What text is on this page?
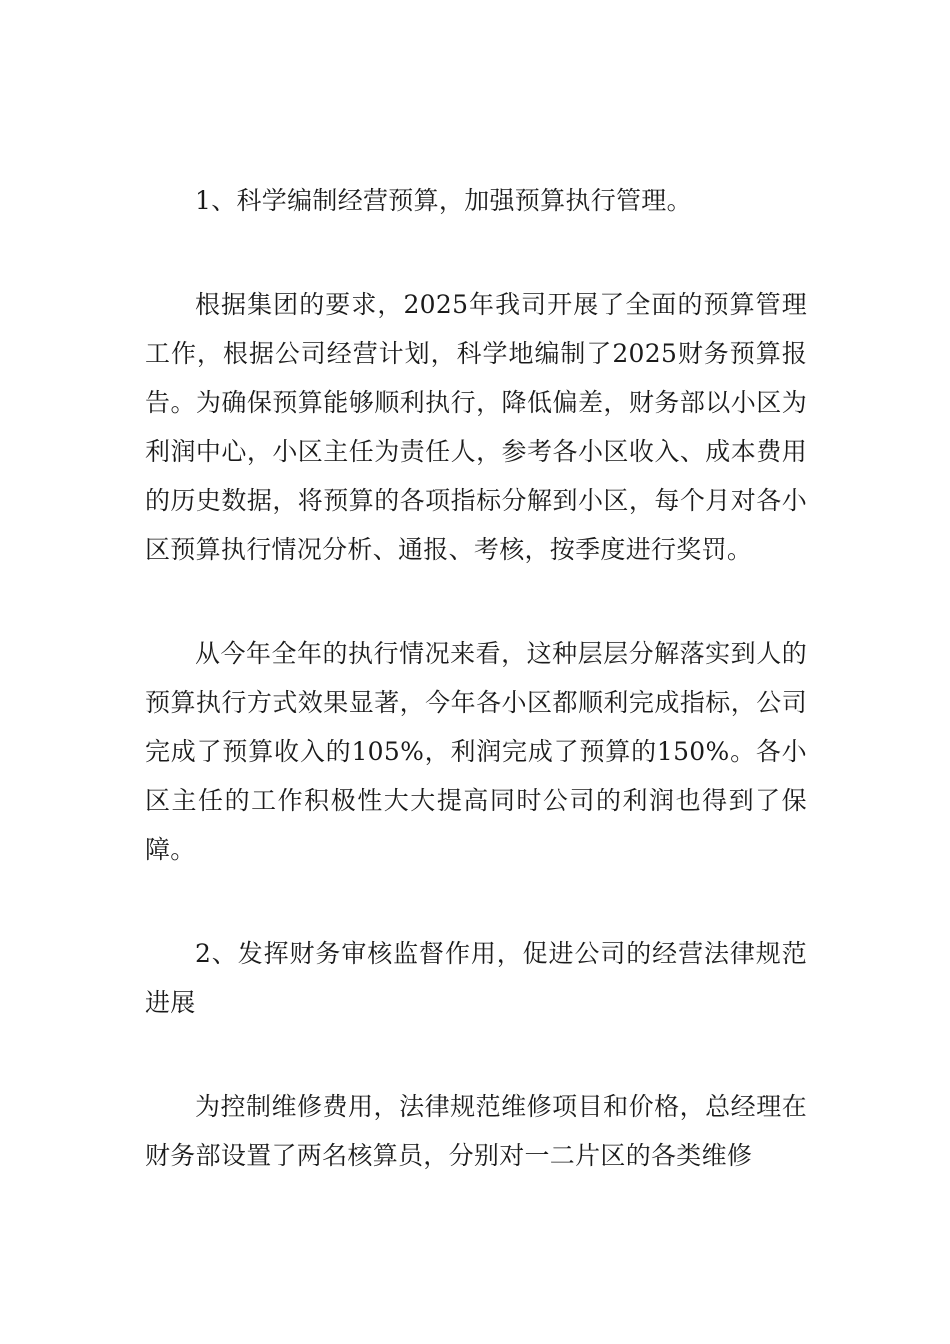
1、科学编制经营预算，加强预算执行管理。

根据集团的要求，2025年我司开展了全面的预算管理工作，根据公司经营计划，科学地编制了2025财务预算报告。为确保预算能够顺利执行，降低偏差，财务部以小区为利润中心，小区主任为责任人，参考各小区收入、成本费用的历史数据，将预算的各项指标分解到小区，每个月对各小区预算执行情况分析、通报、考核，按季度进行奖罚。

从今年全年的执行情况来看，这种层层分解落实到人的预算执行方式效果显著，今年各小区都顺利完成指标，公司完成了预算收入的105%，利润完成了预算的150%。各小区主任的工作积极性大大提高同时公司的利润也得到了保障。

2、发挥财务审核监督作用，促进公司的经营法律规范进展

为控制维修费用，法律规范维修项目和价格，总经理在财务部设置了两名核算员，分别对一二片区的各类维修
